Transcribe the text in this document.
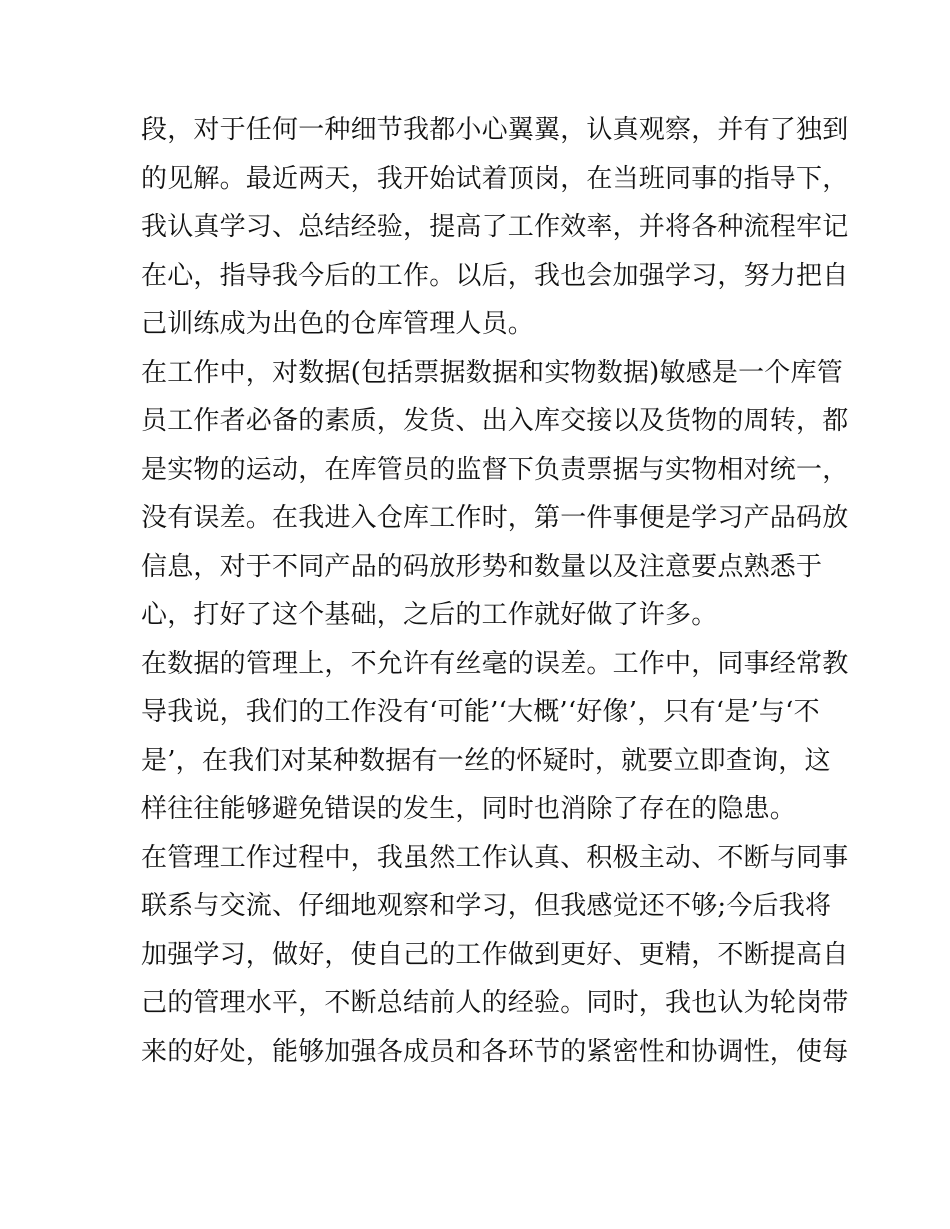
段，对于任何一种细节我都小心翼翼，认真观察，并有了独到
的见解。最近两天，我开始试着顶岗，在当班同事的指导下，
我认真学习、总结经验，提高了工作效率，并将各种流程牢记
在心，指导我今后的工作。以后，我也会加强学习，努力把自
己训练成为出色的仓库管理人员。
在工作中，对数据(包括票据数据和实物数据)敏感是一个库管
员工作者必备的素质，发货、出入库交接以及货物的周转，都
是实物的运动，在库管员的监督下负责票据与实物相对统一，
没有误差。在我进入仓库工作时，第一件事便是学习产品码放
信息，对于不同产品的码放形势和数量以及注意要点熟悉于
心，打好了这个基础，之后的工作就好做了许多。
在数据的管理上，不允许有丝毫的误差。工作中，同事经常教
导我说，我们的工作没有‘可能’‘大概’‘好像’，只有‘是’与‘不
是’，在我们对某种数据有一丝的怀疑时，就要立即查询，这
样往往能够避免错误的发生，同时也消除了存在的隐患。
在管理工作过程中，我虽然工作认真、积极主动、不断与同事
联系与交流、仔细地观察和学习，但我感觉还不够;今后我将
加强学习，做好，使自己的工作做到更好、更精，不断提高自
己的管理水平，不断总结前人的经验。同时，我也认为轮岗带
来的好处，能够加强各成员和各环节的紧密性和协调性，使每
